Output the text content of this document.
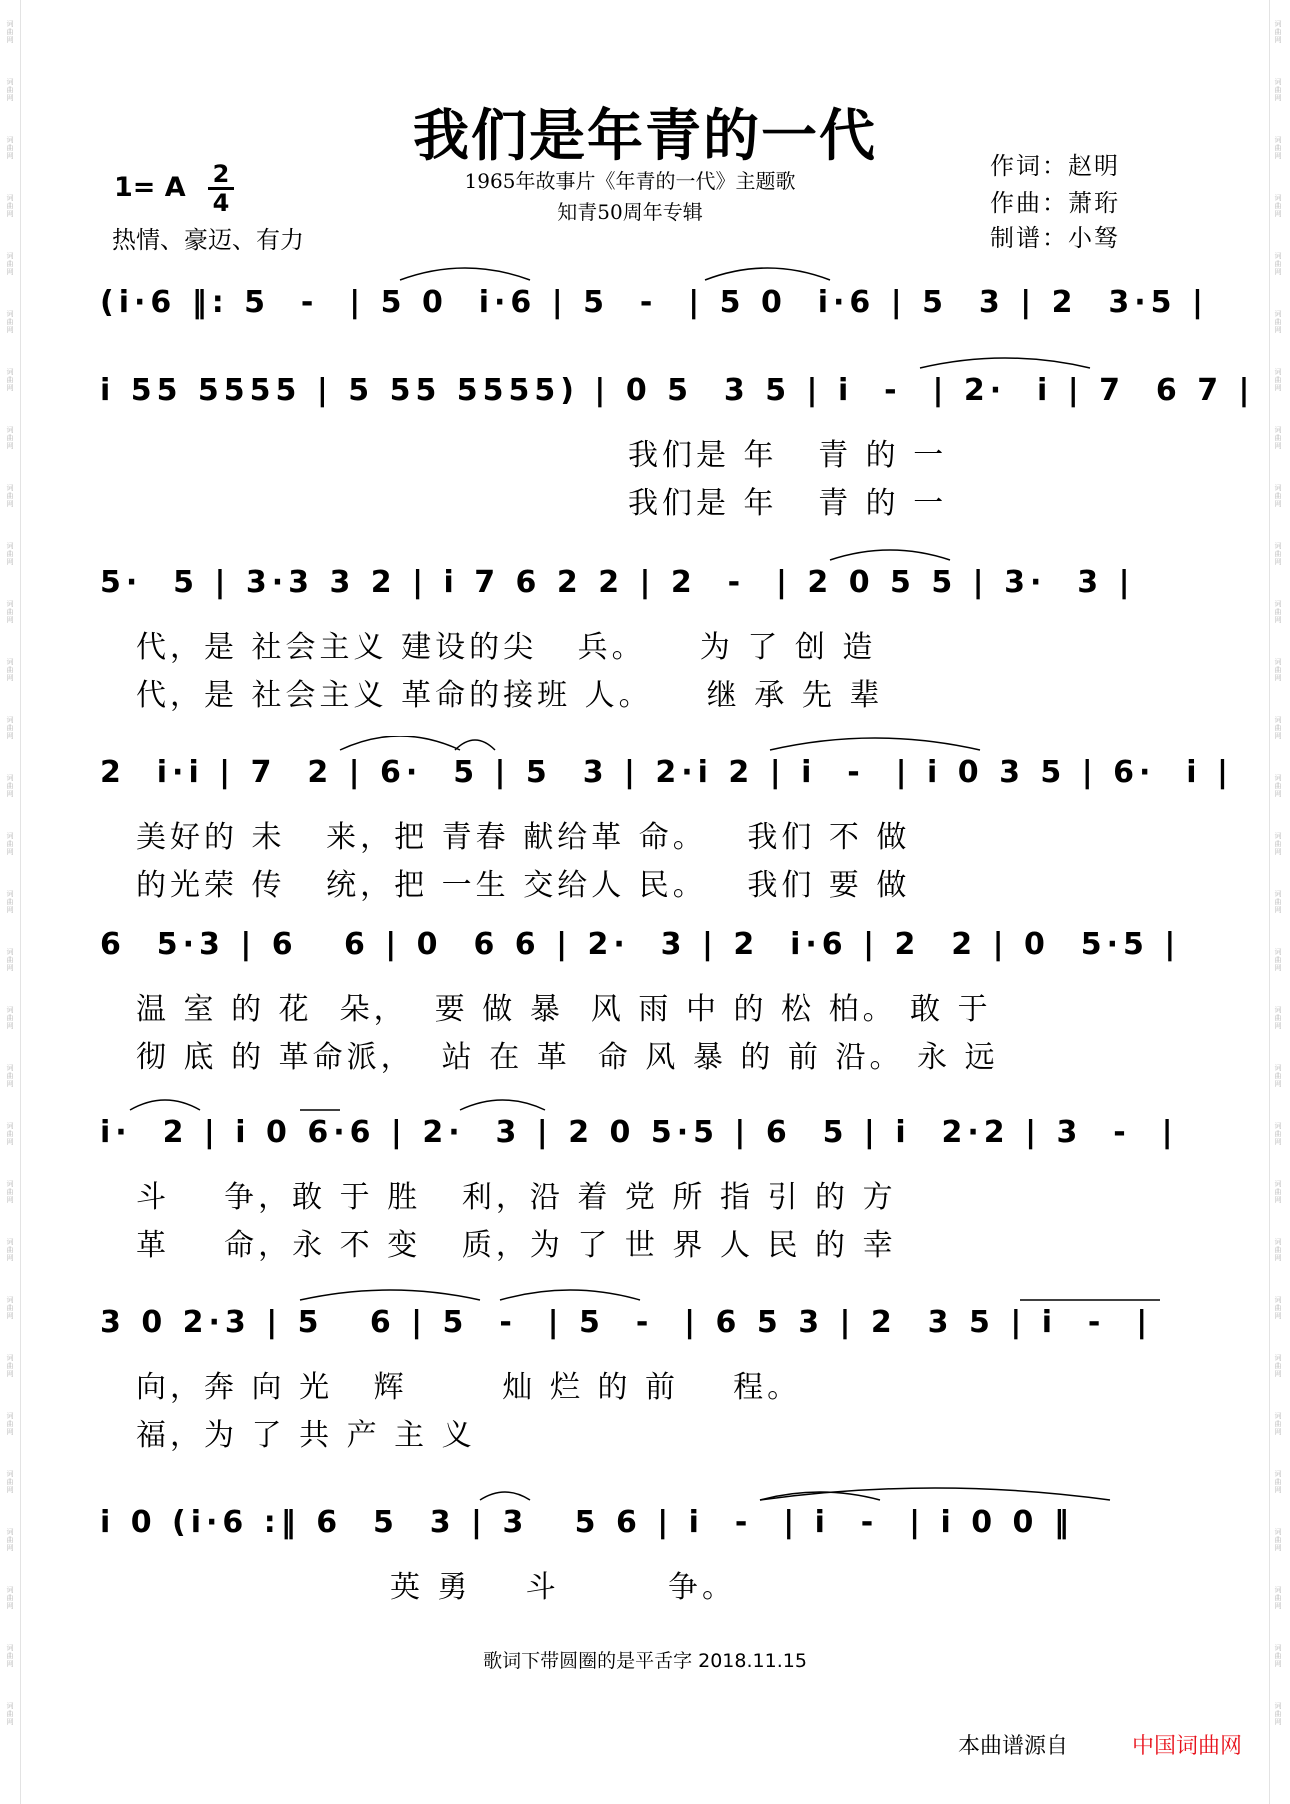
词
曲
网
词
曲
网
词
曲
网
词
曲
网
词
曲
网
词
曲
网
词
曲
网
词
曲
网
词
曲
网
词
曲
网
词
曲
网
词
曲
网
词
曲
网
词
曲
网
词
曲
网
词
曲
网
词
曲
网
词
曲
网
词
曲
网
词
曲
网
词
曲
网
词
曲
网
词
曲
网
词
曲
网
词
曲
网
词
曲
网
词
曲
网
词
曲
网
词
曲
网
词
曲
网
词
曲
网
词
曲
网
词
曲
网
词
曲
网
词
曲
网
词
曲
网
词
曲
网
词
曲
网
词
曲
网
词
曲
网
词
曲
网
词
曲
网
词
曲
网
词
曲
网
词
曲
网
词
曲
网
词
曲
网
词
曲
网
词
曲
网
词
曲
网
词
曲
网
词
曲
网
词
曲
网
词
曲
网
词
曲
网
词
曲
网
词
曲
网
词
曲
网
词
曲
网
词
曲
网
我们是年青的一代
1965年故事片《年青的一代》主题歌
知青50周年专辑
作词：赵明
作曲：萧珩
制谱：小驽
1= A 2
4
热情、豪迈、有力
(i·6 ‖: 5  -  | 5 0  i·6 | 5  -  | 5 0  i·6 | 5  3 | 2  3·5 |
i 55 5555 | 5 55 5555) | 0 5  3 5 | i  -  | 2·  i | 7  6 7 |
我们是 年   青 的 一
我们是 年   青 的 一
5·  5 | 3·3 3 2 | i 7 6 2 2 | 2  -  | 2 0 5 5 | 3·  3 |
代，是 社会主义 建设的尖   兵。    为 了 创 造
代，是 社会主义 革命的接班 人。    继 承 先 辈
2  i·i | 7  2 | 6·  5 | 5  3 | 2·i 2 | i  -  | i 0 3 5 | 6·  i |
美好的 未   来，把 青春 献给革 命。   我们 不 做
的光荣 传   统，把 一生 交给人 民。   我们 要 做
6  5·3 | 6   6 | 0  6 6 | 2·  3 | 2  i·6 | 2  2 | 0  5·5 |
温 室 的 花  朵，  要 做 暴  风 雨 中 的 松 柏。 敢 于
彻 底 的 革命派，  站 在 革  命 风 暴 的 前 沿。 永 远
i·  2 | i 0 6·6 | 2·  3 | 2 0 5·5 | 6  5 | i  2·2 | 3  -  |
斗    争，敢 于 胜   利，沿 着 党 所 指 引 的 方
革    命，永 不 变   质，为 了 世 界 人 民 的 幸
3 0 2·3 | 5   6 | 5  -  | 5  -  | 6 5 3 | 2  3 5 | i  -  |
向，奔 向 光   辉       灿 烂 的 前    程。
福，为 了 共 产 主 义
i 0 (i·6 :‖ 6  5  3 | 3   5 6 | i  -  | i  -  | i 0 0 ‖
英 勇    斗        争。
歌词下带圆圈的是平舌字 2018.11.15
本曲谱源自	中国词曲网
